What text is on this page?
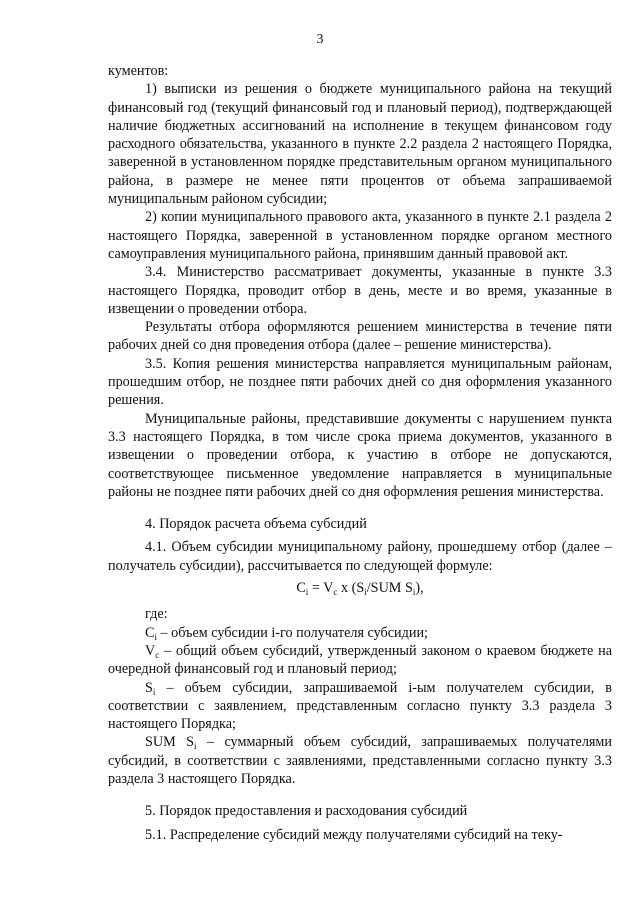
3

кументов:

1) выписки из решения о бюджете муниципального района на текущий финансовый год (текущий финансовый год и плановый период), подтверждающей наличие бюджетных ассигнований на исполнение в текущем финансовом году расходного обязательства, указанного в пункте 2.2 раздела 2 настоящего Порядка, заверенной в установленном порядке представительным органом муниципального района, в размере не менее пяти процентов от объема запрашиваемой муниципальным районом субсидии;

2) копии муниципального правового акта, указанного в пункте 2.1 раздела 2 настоящего Порядка, заверенной в установленном порядке органом местного самоуправления муниципального района, принявшим данный правовой акт.

3.4. Министерство рассматривает документы, указанные в пункте 3.3 настоящего Порядка, проводит отбор в день, месте и во время, указанные в извещении о проведении отбора.

Результаты отбора оформляются решением министерства в течение пяти рабочих дней со дня проведения отбора (далее – решение министерства).

3.5. Копия решения министерства направляется муниципальным районам, прошедшим отбор, не позднее пяти рабочих дней со дня оформления указанного решения.

Муниципальные районы, представившие документы с нарушением пункта 3.3 настоящего Порядка, в том числе срока приема документов, указанного в извещении о проведении отбора, к участию в отборе не допускаются, соответствующее письменное уведомление направляется в муниципальные районы не позднее пяти рабочих дней со дня оформления решения министерства.

4. Порядок расчета объема субсидий

4.1. Объем субсидии муниципальному району, прошедшему отбор (далее – получатель субсидии), рассчитывается по следующей формуле:

$C_i = V_c$ x ($S_i$/SUM $S_i$),

где:

$C_i$ – объем субсидии i-го получателя субсидии;

$V_c$ – общий объем субсидий, утвержденный законом о краевом бюджете на очередной финансовый год и плановый период;

$S_i$ – объем субсидии, запрашиваемой i-ым получателем субсидии, в соответствии с заявлением, представленным согласно пункту 3.3 раздела 3 настоящего Порядка;

SUM $S_i$ – суммарный объем субсидий, запрашиваемых получателями субсидий, в соответствии с заявлениями, представленными согласно пункту 3.3 раздела 3 настоящего Порядка.

5. Порядок предоставления и расходования субсидий

5.1. Распределение субсидий между получателями субсидий на теку-
